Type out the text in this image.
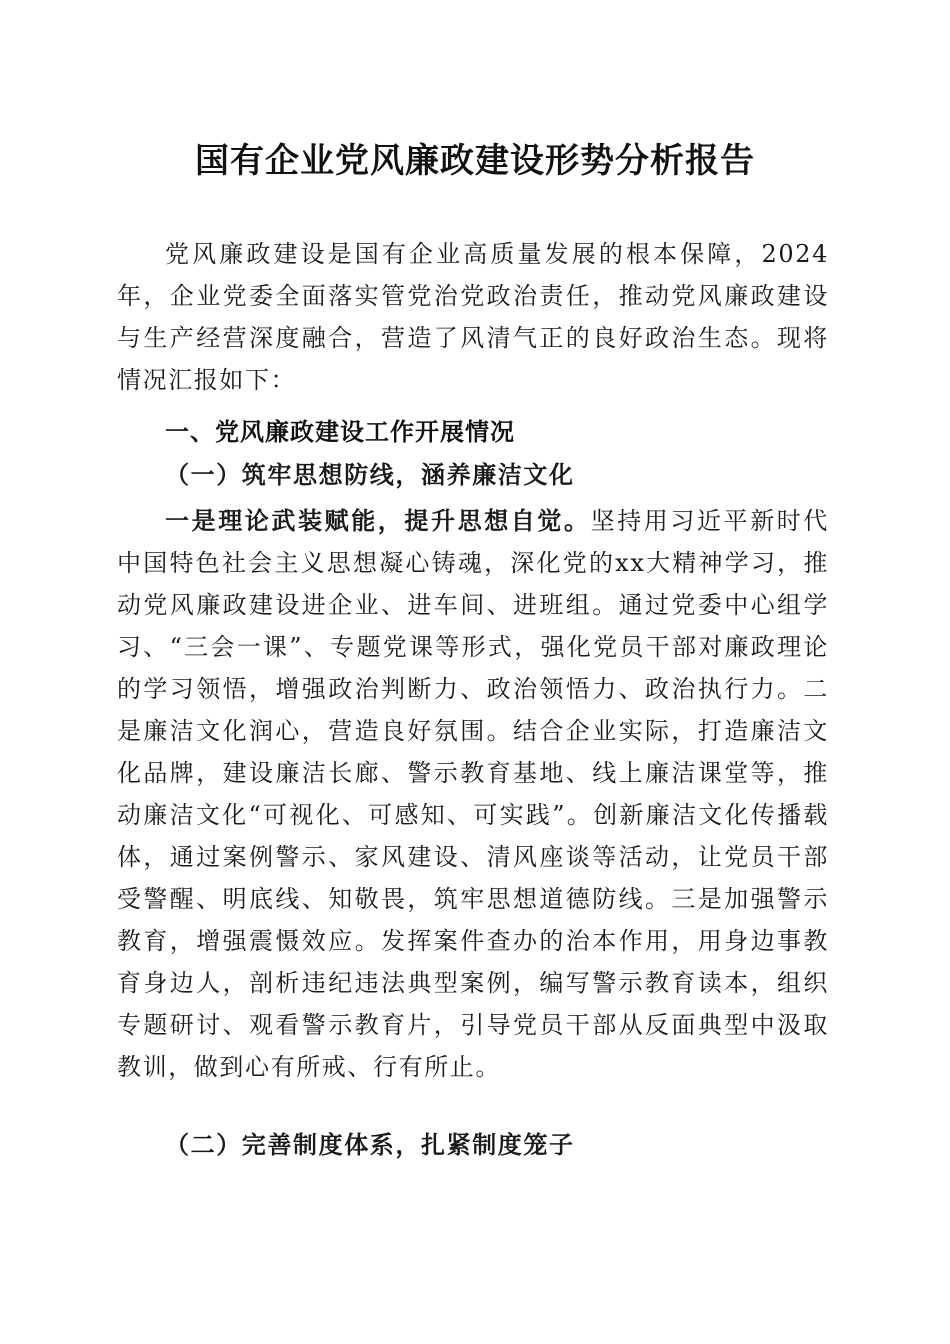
国有企业党风廉政建设形势分析报告

党风廉政建设是国有企业高质量发展的根本保障，2024年，企业党委全面落实管党治党政治责任，推动党风廉政建设与生产经营深度融合，营造了风清气正的良好政治生态。现将情况汇报如下：

一、党风廉政建设工作开展情况
（一）筑牢思想防线，涵养廉洁文化

一是理论武装赋能，提升思想自觉。坚持用习近平新时代中国特色社会主义思想凝心铸魂，深化党的xx大精神学习，推动党风廉政建设进企业、进车间、进班组。通过党委中心组学习、“三会一课”、专题党课等形式，强化党员干部对廉政理论的学习领悟，增强政治判断力、政治领悟力、政治执行力。二是廉洁文化润心，营造良好氛围。结合企业实际，打造廉洁文化品牌，建设廉洁长廊、警示教育基地、线上廉洁课堂等，推动廉洁文化“可视化、可感知、可实践”。创新廉洁文化传播载体，通过案例警示、家风建设、清风座谈等活动，让党员干部受警醒、明底线、知敬畏，筑牢思想道德防线。三是加强警示教育，增强震慑效应。发挥案件查办的治本作用，用身边事教育身边人，剖析违纪违法典型案例，编写警示教育读本，组织专题研讨、观看警示教育片，引导党员干部从反面典型中汲取教训，做到心有所戒、行有所止。

（二）完善制度体系，扎紧制度笼子
